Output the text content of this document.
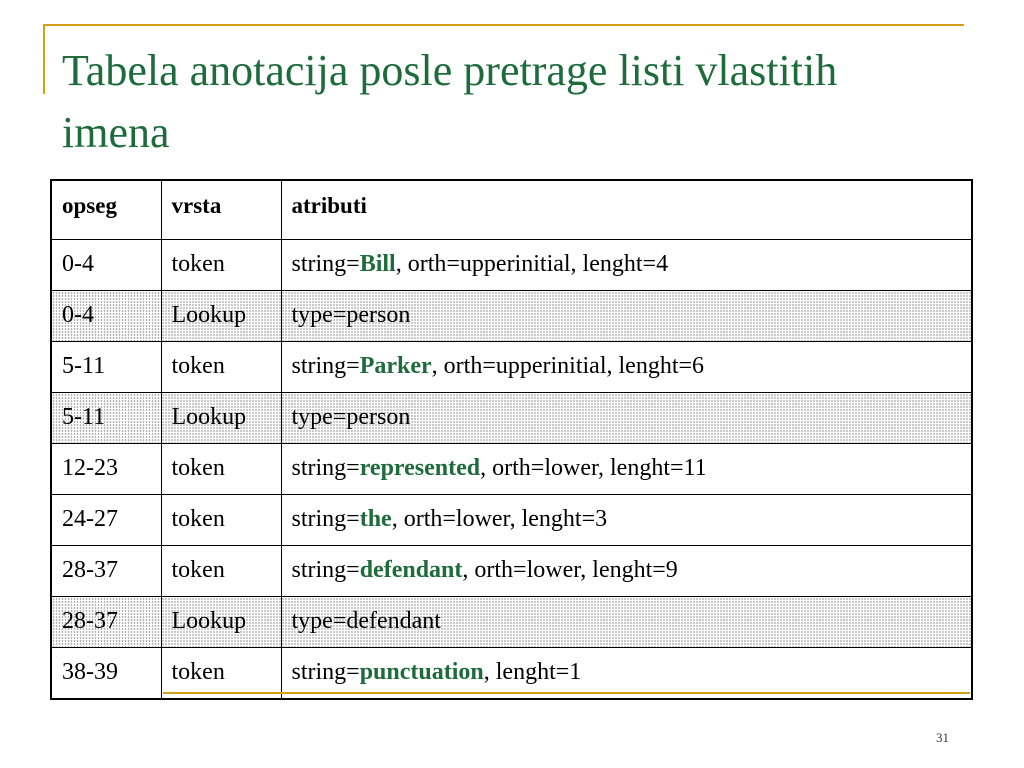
Tabela anotacija posle pretrage listi vlastitih imena
opseg	vrsta	atributi
0-4	token	string=Bill, orth=upperinitial, lenght=4
0-4	Lookup	type=person
5-11	token	string=Parker, orth=upperinitial, lenght=6
5-11	Lookup	type=person
12-23	token	string=represented, orth=lower, lenght=11
24-27	token	string=the, orth=lower, lenght=3
28-37	token	string=defendant, orth=lower, lenght=9
28-37	Lookup	type=defendant
38-39	token	string=punctuation, lenght=1
31
